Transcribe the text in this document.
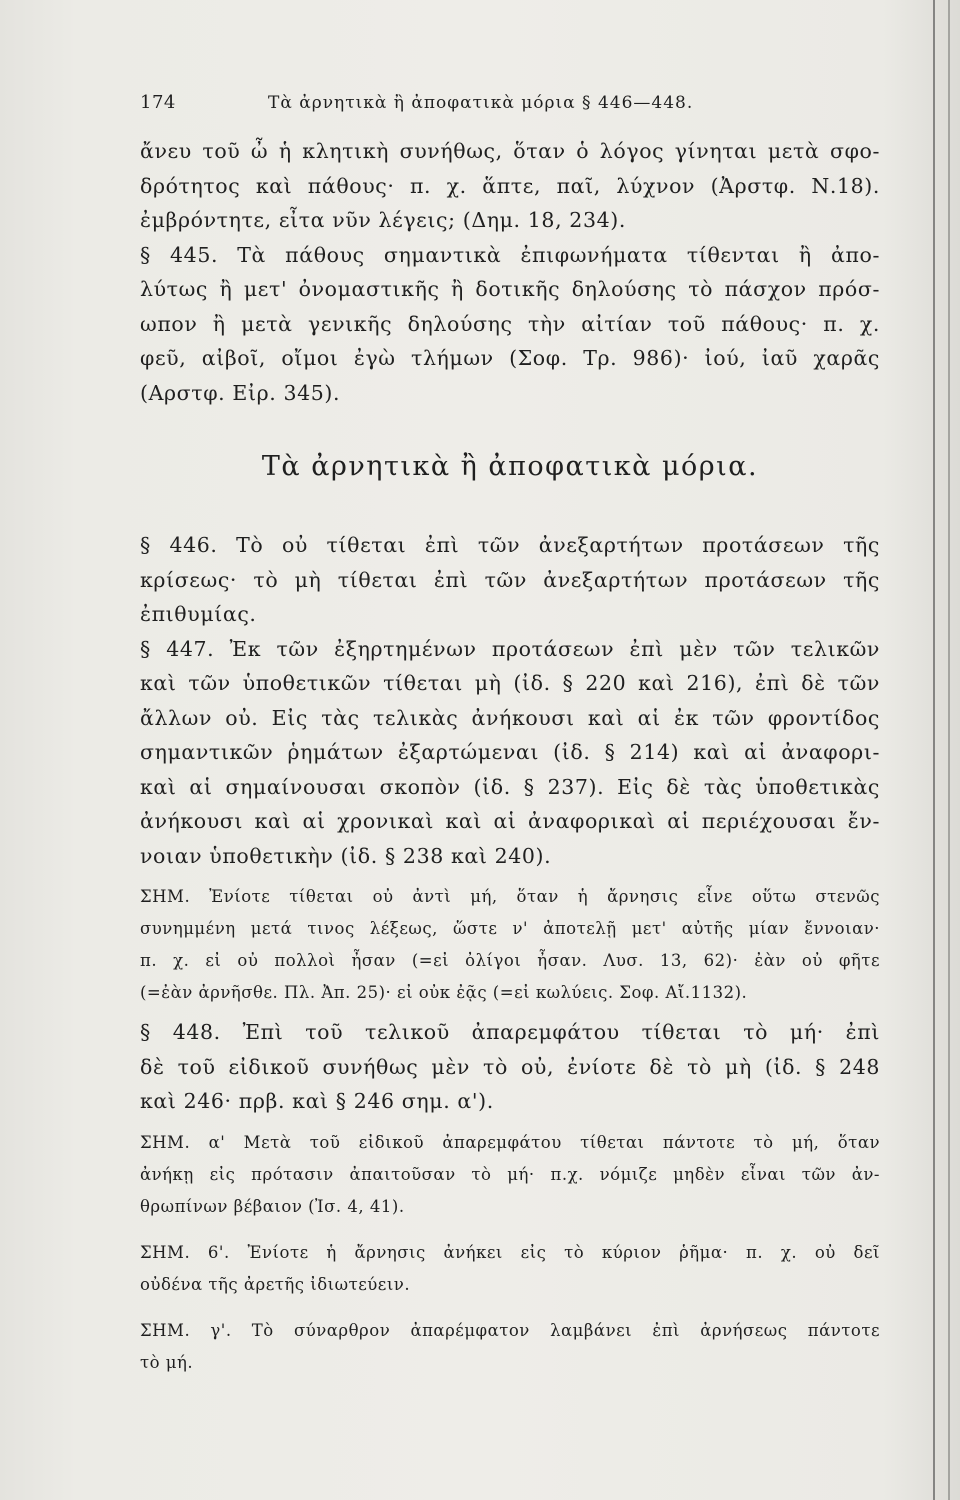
174	Τὰ ἀρνητικὰ ἢ ἀποφατικὰ μόρια § 446—448.
ἄνευ τοῦ ὦ ἡ κλητικὴ συνήθως, ὅταν ὁ λόγος γίνηται μετὰ σφο-
δρότητος καὶ πάθους· π. χ. ἅπτε, παῖ, λύχνον (Ἀρστφ. Ν.18).
ἐμβρόντητε, εἶτα νῦν λέγεις; (Δημ. 18, 234).
§ 445. Τὰ πάθους σημαντικὰ ἐπιφωνήματα τίθενται ἢ ἀπο-
λύτως ἢ μετ' ὀνομαστικῆς ἢ δοτικῆς δηλούσης τὸ πάσχον πρόσ-
ωπον ἢ μετὰ γενικῆς δηλούσης τὴν αἰτίαν τοῦ πάθους· π. χ.
φεῦ, αἰβοῖ, οἴμοι ἐγὼ τλήμων (Σοφ. Τρ. 986)· ἰού, ἰαῦ χαρᾶς
(Αρστφ. Εἰρ. 345).
Τὰ ἀρνητικὰ ἢ ἀποφατικὰ μόρια.
§ 446. Τὸ οὐ τίθεται ἐπὶ τῶν ἀνεξαρτήτων προτάσεων τῆς
κρίσεως· τὸ μὴ τίθεται ἐπὶ τῶν ἀνεξαρτήτων προτάσεων τῆς
ἐπιθυμίας.
§ 447. Ἐκ τῶν ἐξηρτημένων προτάσεων ἐπὶ μὲν τῶν τελικῶν
καὶ τῶν ὑποθετικῶν τίθεται μὴ (ἰδ. § 220 καὶ 216), ἐπὶ δὲ τῶν
ἄλλων οὐ. Εἰς τὰς τελικὰς ἀνήκουσι καὶ αἱ ἐκ τῶν φροντίδος
σημαντικῶν ῥημάτων ἐξαρτώμεναι (ἰδ. § 214) καὶ αἱ ἀναφορι-
καὶ αἱ σημαίνουσαι σκοπὸν (ἰδ. § 237). Εἰς δὲ τὰς ὑποθετικὰς
ἀνήκουσι καὶ αἱ χρονικαὶ καὶ αἱ ἀναφορικαὶ αἱ περιέχουσαι ἔν-
νοιαν ὑποθετικὴν (ἰδ. § 238 καὶ 240).
ΣΗΜ. Ἐνίοτε τίθεται οὐ ἀντὶ μή, ὅταν ἡ ἄρνησις εἶνε οὕτω στενῶς
συνημμένη μετά τινος λέξεως, ὥστε ν' ἀποτελῇ μετ' αὐτῆς μίαν ἔννοιαν·
π. χ. εἰ οὐ πολλοὶ ἦσαν (=εἰ ὀλίγοι ἦσαν. Λυσ. 13, 62)· ἐὰν οὐ φῆτε
(=ἐὰν ἀρνῆσθε. Πλ. Ἀπ. 25)· εἰ οὐκ ἐᾷς (=εἰ κωλύεις. Σοφ. Αἴ.1132).
§ 448. Ἐπὶ τοῦ τελικοῦ ἀπαρεμφάτου τίθεται τὸ μή· ἐπὶ
δὲ τοῦ εἰδικοῦ συνήθως μὲν τὸ οὐ, ἐνίοτε δὲ τὸ μὴ (ἰδ. § 248
καὶ 246· πρβ. καὶ § 246 σημ. α').
ΣΗΜ. α' Μετὰ τοῦ εἰδικοῦ ἀπαρεμφάτου τίθεται πάντοτε τὸ μή, ὅταν
ἀνήκῃ εἰς πρότασιν ἀπαιτοῦσαν τὸ μή· π.χ. νόμιζε μηδὲν εἶναι τῶν ἀν-
θρωπίνων βέβαιον (Ἰσ. 4, 41).
ΣΗΜ. 6'. Ἐνίοτε ἡ ἄρνησις ἀνήκει εἰς τὸ κύριον ῥῆμα· π. χ. οὐ δεῖ
οὐδένα τῆς ἀρετῆς ἰδιωτεύειν.
ΣΗΜ. γ'. Τὸ σύναρθρον ἀπαρέμφατον λαμβάνει ἐπὶ ἀρνήσεως πάντοτε
τὸ μή.
